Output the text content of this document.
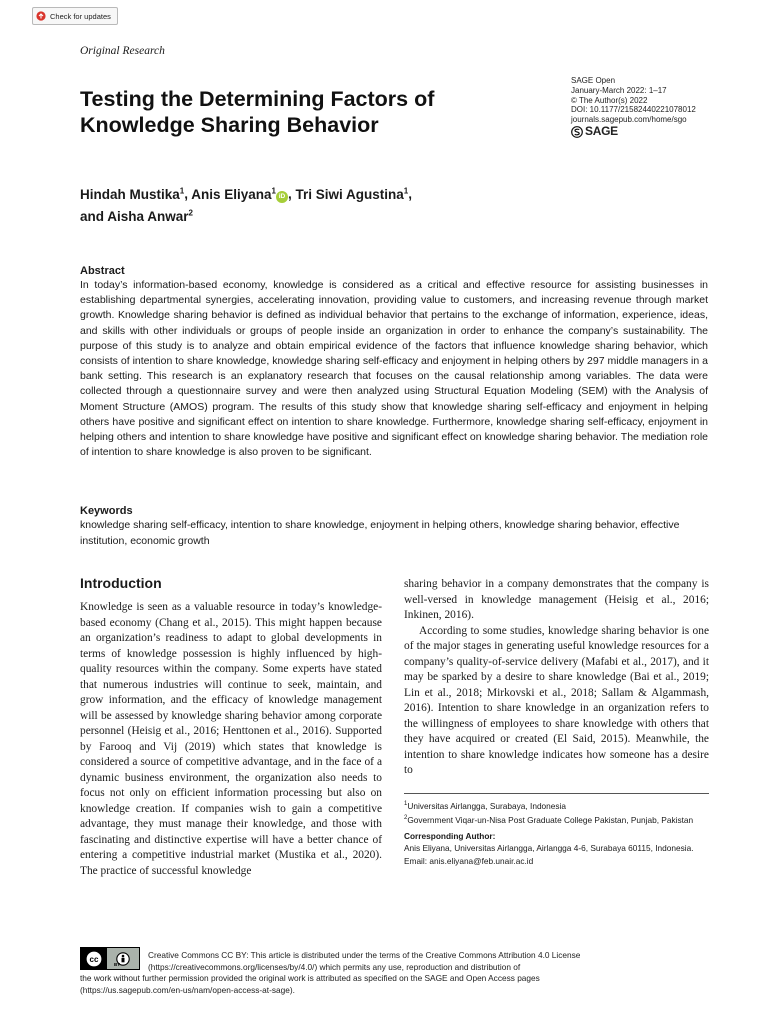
Check for updates
Original Research
SAGE Open
January-March 2022: 1–17
© The Author(s) 2022
DOI: 10.1177/21582440221078012
journals.sagepub.com/home/sgo
SAGE
Testing the Determining Factors of Knowledge Sharing Behavior
Hindah Mustika$^1$, Anis Eliyana$^1$iD , Tri Siwi Agustina$^1$,
and Aisha Anwar$^2$
Abstract
In today’s information-based economy, knowledge is considered as a critical and effective resource for assisting businesses in establishing departmental synergies, accelerating innovation, providing value to customers, and increasing revenue through market growth. Knowledge sharing behavior is defined as individual behavior that pertains to the exchange of information, experience, ideas, and skills with other individuals or groups of people inside an organization in order to enhance the company’s sustainability. The purpose of this study is to analyze and obtain empirical evidence of the factors that influence knowledge sharing behavior, which consists of intention to share knowledge, knowledge sharing self-efficacy and enjoyment in helping others by 297 middle managers in a bank setting. This research is an explanatory research that focuses on the causal relationship among variables. The data were collected through a questionnaire survey and were then analyzed using Structural Equation Modeling (SEM) with the Analysis of Moment Structure (AMOS) program. The results of this study show that knowledge sharing self-efficacy and enjoyment in helping others have positive and significant effect on intention to share knowledge. Furthermore, knowledge sharing self-efficacy, enjoyment in helping others and intention to share knowledge have positive and significant effect on knowledge sharing behavior. The mediation role of intention to share knowledge is also proven to be significant.
Keywords
knowledge sharing self-efficacy, intention to share knowledge, enjoyment in helping others, knowledge sharing behavior, effective institution, economic growth
Introduction

Knowledge is seen as a valuable resource in today’s knowledge-based economy (Chang et al., 2015). This might happen because an organization’s readiness to adapt to global developments in terms of knowledge possession is highly influenced by high-quality resources within the company. Some experts have stated that numerous industries will continue to seek, maintain, and grow information, and the efficacy of knowledge management will be assessed by knowledge sharing behavior among corporate personnel (Heisig et al., 2016; Henttonen et al., 2016). Supported by Farooq and Vij (2019) which states that knowledge is considered a source of competitive advantage, and in the face of a dynamic business environment, the organization also needs to focus not only on efficient information processing but also on knowledge creation. If companies wish to gain a competitive advantage, they must manage their knowledge, and those with fascinating and distinctive expertise will have a better chance of entering a competitive industrial market (Mustika et al., 2020). The practice of successful knowledge

sharing behavior in a company demonstrates that the company is well-versed in knowledge management (Heisig et al., 2016; Inkinen, 2016).

According to some studies, knowledge sharing behavior is one of the major stages in generating useful knowledge resources for a company’s quality-of-service delivery (Mafabi et al., 2017), and it may be sparked by a desire to share knowledge (Bai et al., 2019; Lin et al., 2018; Mirkovski et al., 2018; Sallam & Algammash, 2016). Intention to share knowledge in an organization refers to the willingness of employees to share knowledge with others that they have acquired or created (El Said, 2015). Meanwhile, the intention to share knowledge indicates how someone has a desire to

$^1$Universitas Airlangga, Surabaya, Indonesia
$^2$Government Viqar-un-Nisa Post Graduate College Pakistan, Punjab, Pakistan
Corresponding Author:
Anis Eliyana, Universitas Airlangga, Airlangga 4-6, Surabaya 60115, Indonesia.
Email: anis.eliyana@feb.unair.ac.id
cc
BY
Creative Commons CC BY: This article is distributed under the terms of the Creative Commons Attribution 4.0 License
(https://creativecommons.org/licenses/by/4.0/) which permits any use, reproduction and distribution of
the work without further permission provided the original work is attributed as specified on the SAGE and Open Access pages
(https://us.sagepub.com/en-us/nam/open-access-at-sage).
